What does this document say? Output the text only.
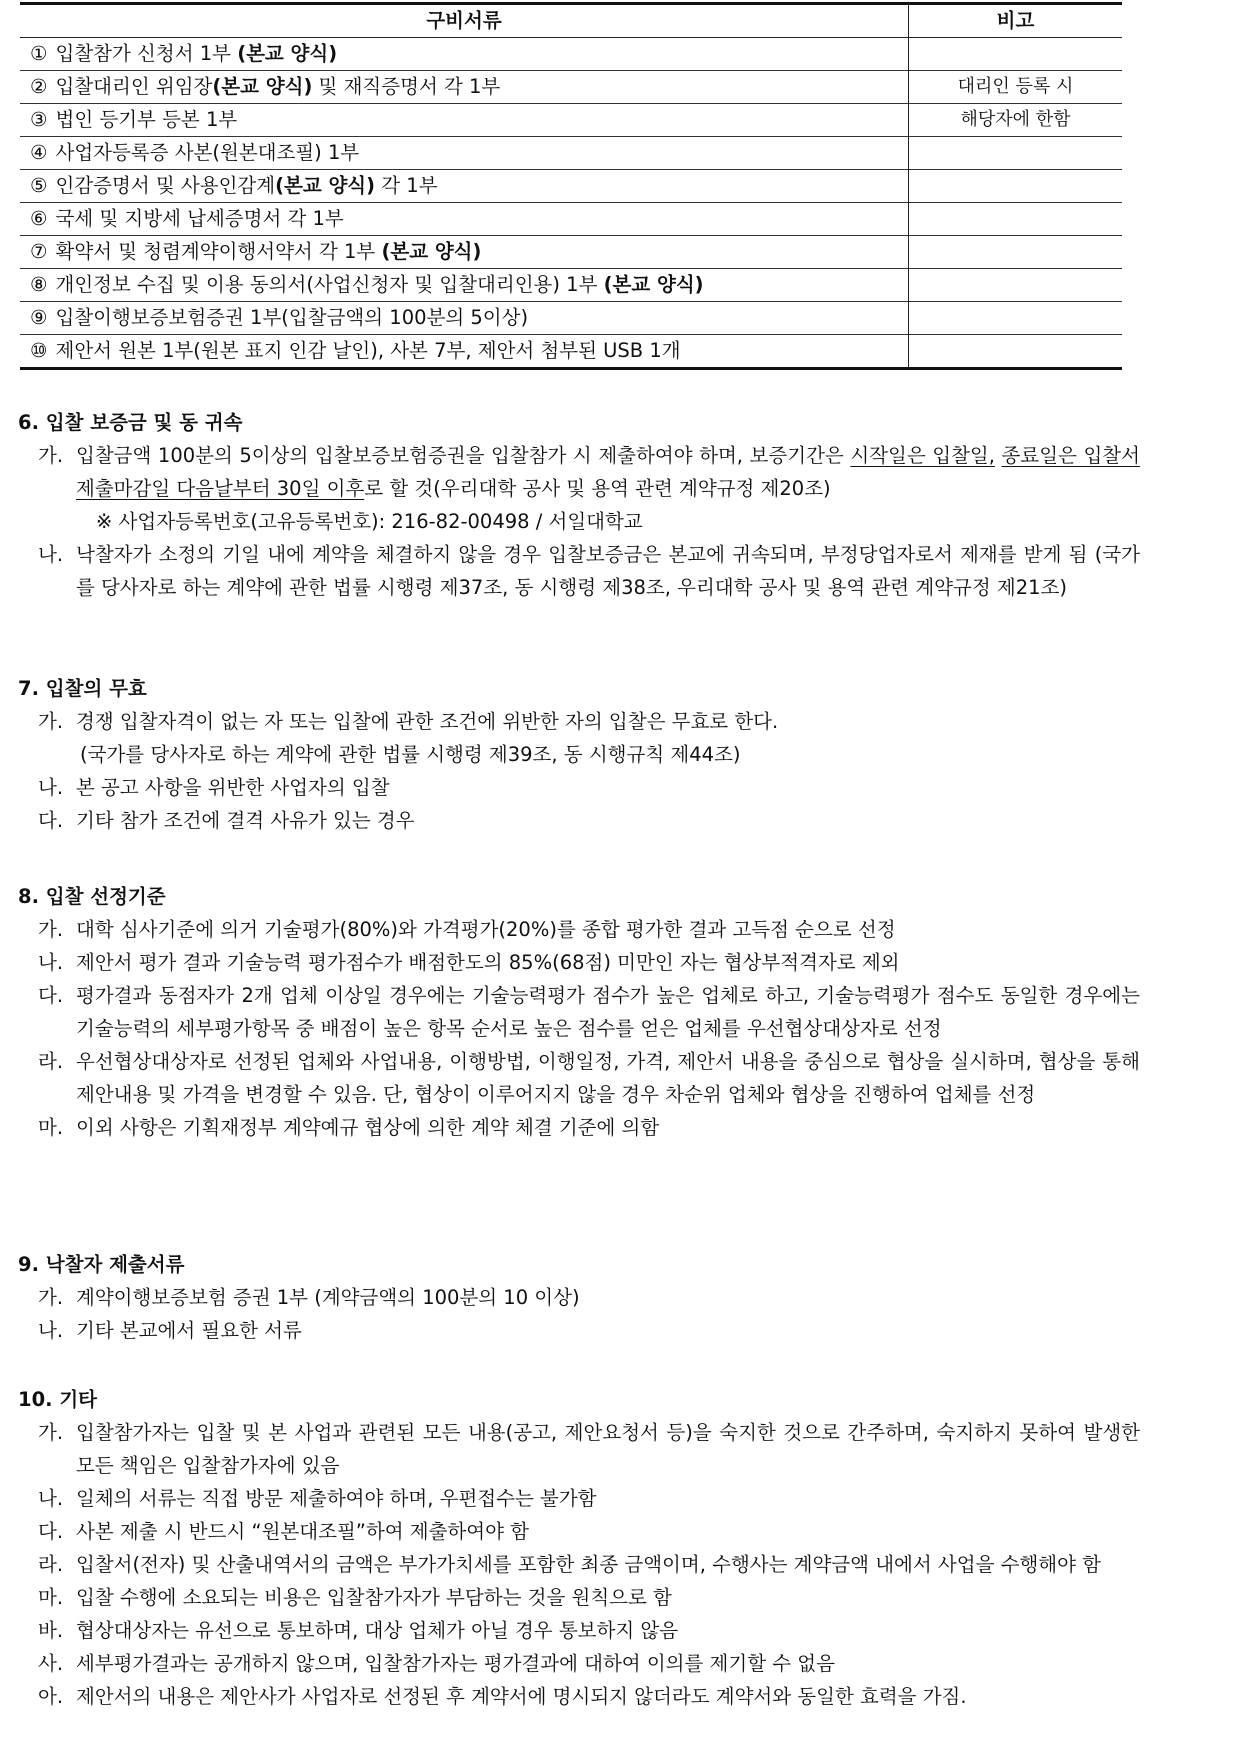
구비서류	비고
① 입찰참가 신청서 1부 (본교 양식)	
② 입찰대리인 위임장(본교 양식) 및 재직증명서 각 1부	대리인 등록 시
③ 법인 등기부 등본 1부	해당자에 한함
④ 사업자등록증 사본(원본대조필) 1부	
⑤ 인감증명서 및 사용인감계(본교 양식) 각 1부	
⑥ 국세 및 지방세 납세증명서 각 1부	
⑦ 확약서 및 청렴계약이행서약서 각 1부 (본교 양식)	
⑧ 개인정보 수집 및 이용 동의서(사업신청자 및 입찰대리인용) 1부 (본교 양식)	
⑨ 입찰이행보증보험증권 1부(입찰금액의 100분의 5이상)	
⑩ 제안서 원본 1부(원본 표지 인감 날인), 사본 7부, 제안서 첨부된 USB 1개	
6. 입찰 보증금 및 동 귀속
가. 입찰금액 100분의 5이상의 입찰보증보험증권을 입찰참가 시 제출하여야 하며, 보증기간은 시작일은 입찰일, 종료일은 입찰서 제출마감일 다음날부터 30일 이후로 할 것(우리대학 공사 및 용역 관련 계약규정 제20조)
※ 사업자등록번호(고유등록번호): 216-82-00498 / 서일대학교
나. 낙찰자가 소정의 기일 내에 계약을 체결하지 않을 경우 입찰보증금은 본교에 귀속되며, 부정당업자로서 제재를 받게 됨 (국가를 당사자로 하는 계약에 관한 법률 시행령 제37조, 동 시행령 제38조, 우리대학 공사 및 용역 관련 계약규정 제21조)
7. 입찰의 무효
가. 경쟁 입찰자격이 없는 자 또는 입찰에 관한 조건에 위반한 자의 입찰은 무효로 한다.
(국가를 당사자로 하는 계약에 관한 법률 시행령 제39조, 동 시행규칙 제44조)
나. 본 공고 사항을 위반한 사업자의 입찰
다. 기타 참가 조건에 결격 사유가 있는 경우
8. 입찰 선정기준
가. 대학 심사기준에 의거 기술평가(80%)와 가격평가(20%)를 종합 평가한 결과 고득점 순으로 선정
나. 제안서 평가 결과 기술능력 평가점수가 배점한도의 85%(68점) 미만인 자는 협상부적격자로 제외
다. 평가결과 동점자가 2개 업체 이상일 경우에는 기술능력평가 점수가 높은 업체로 하고, 기술능력평가 점수도 동일한 경우에는 기술능력의 세부평가항목 중 배점이 높은 항목 순서로 높은 점수를 얻은 업체를 우선협상대상자로 선정
라. 우선협상대상자로 선정된 업체와 사업내용, 이행방법, 이행일정, 가격, 제안서 내용을 중심으로 협상을 실시하며, 협상을 통해 제안내용 및 가격을 변경할 수 있음. 단, 협상이 이루어지지 않을 경우 차순위 업체와 협상을 진행하여 업체를 선정
마. 이외 사항은 기획재정부 계약예규 협상에 의한 계약 체결 기준에 의함
9. 낙찰자 제출서류
가. 계약이행보증보험 증권 1부 (계약금액의 100분의 10 이상)
나. 기타 본교에서 필요한 서류
10. 기타
가. 입찰참가자는 입찰 및 본 사업과 관련된 모든 내용(공고, 제안요청서 등)을 숙지한 것으로 간주하며, 숙지하지 못하여 발생한 모든 책임은 입찰참가자에 있음
나. 일체의 서류는 직접 방문 제출하여야 하며, 우편접수는 불가함
다. 사본 제출 시 반드시 “원본대조필”하여 제출하여야 함
라. 입찰서(전자) 및 산출내역서의 금액은 부가가치세를 포함한 최종 금액이며, 수행사는 계약금액 내에서 사업을 수행해야 함
마. 입찰 수행에 소요되는 비용은 입찰참가자가 부담하는 것을 원칙으로 함
바. 협상대상자는 유선으로 통보하며, 대상 업체가 아닐 경우 통보하지 않음
사. 세부평가결과는 공개하지 않으며, 입찰참가자는 평가결과에 대하여 이의를 제기할 수 없음
아. 제안서의 내용은 제안사가 사업자로 선정된 후 계약서에 명시되지 않더라도 계약서와 동일한 효력을 가짐.
